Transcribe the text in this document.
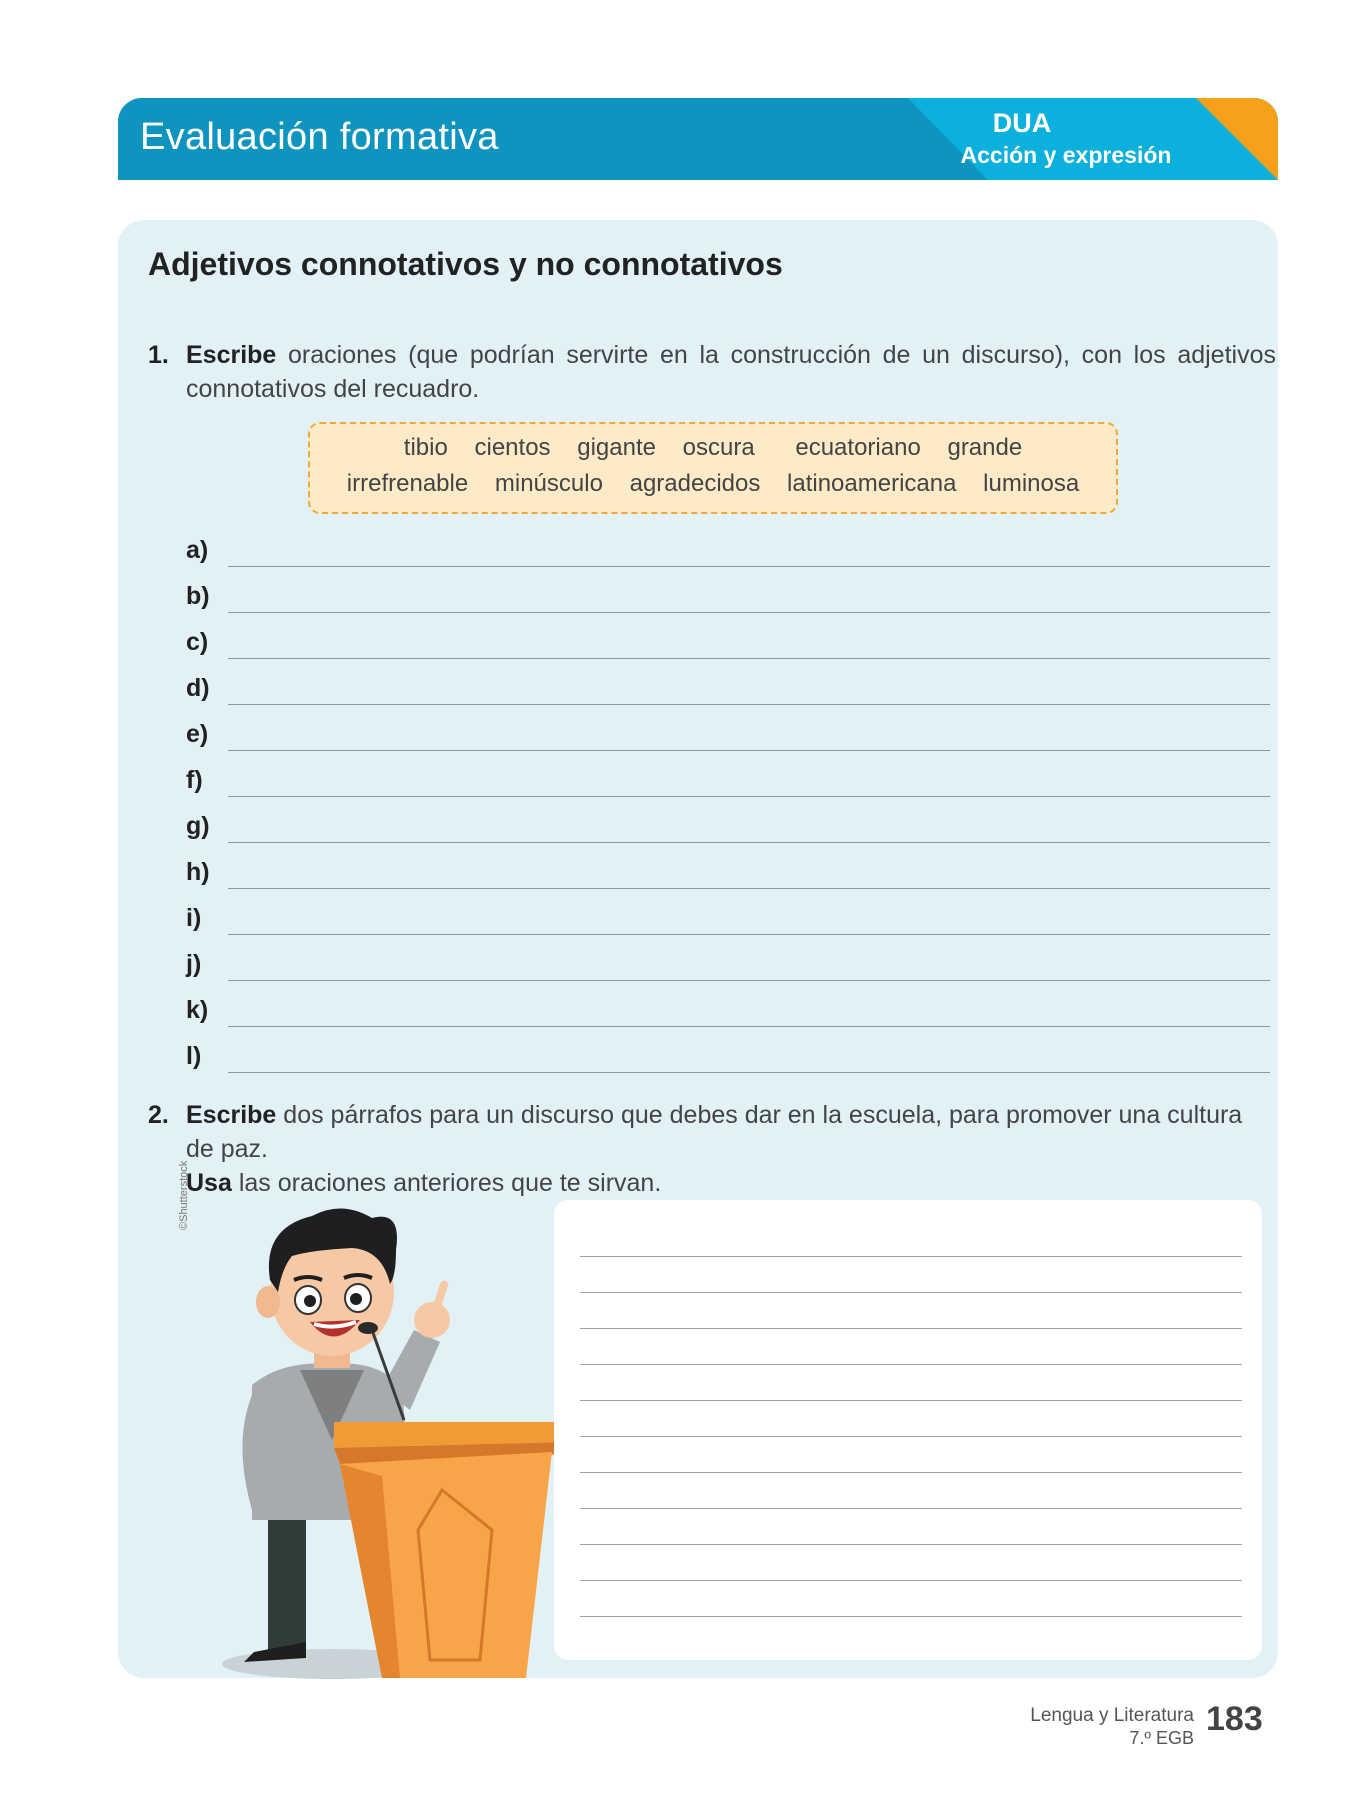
Evaluación formativa	DUA
Acción y expresión
Adjetivos connotativos y no connotativos
1. Escribe oraciones (que podrían servirte en la construcción de un discurso), con los adjetivos connotativos del recuadro.
tibio cientos gigante oscura ecuatoriano grande
irrefrenable minúsculo agradecidos latinoamericana luminosa
a)
b)
c)
d)
e)
f)
g)
h)
i)
j)
k)
l)
2. Escribe dos párrafos para un discurso que debes dar en la escuela, para promover una cultura de paz.
Usa las oraciones anteriores que te sirvan.
©Shutterstock
Lengua y Literatura
7.º EGB 183
